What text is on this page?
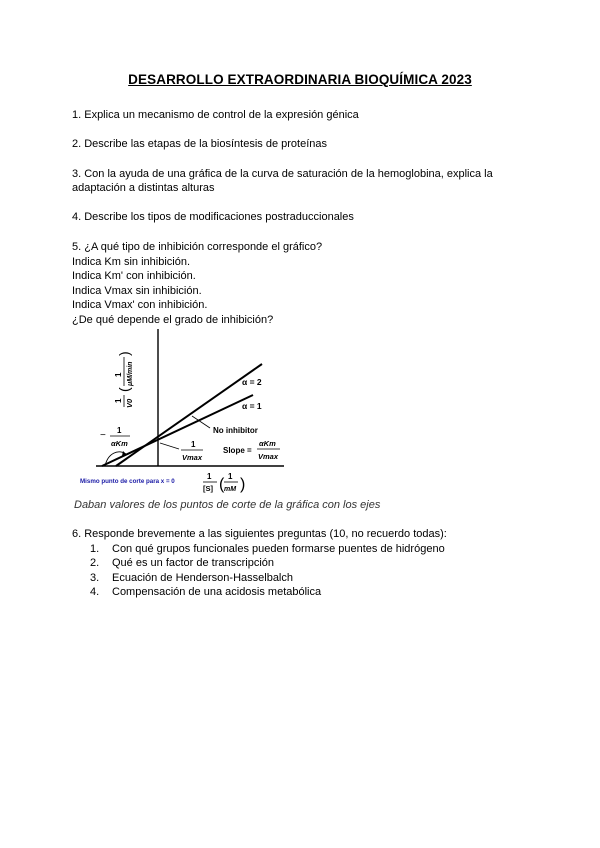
DESARROLLO EXTRAORDINARIA BIOQUÍMICA 2023
1. Explica un mecanismo de control de la expresión génica
2. Describe las etapas de la biosíntesis de proteínas
3. Con la ayuda de una gráfica de la curva de saturación de la hemoglobina, explica la
adaptación a distintas alturas
4. Describe los tipos de modificaciones postraduccionales
5. ¿A qué tipo de inhibición corresponde el gráfico?
Indica Km sin inhibición.
Indica Km' con inhibición.
Indica Vmax sin inhibición.
Indica Vmax' con inhibición.
¿De qué depende el grado de inhibición?
α = 2
α = 1
No inhibitor
Slope =
αKm
Vmax
1
Vmax
− 1
αKm
1 V0
(
1 μM/min
)
1
[S] ( 1
mM )
Mismo punto de corte para x = 0
Daban valores de los puntos de corte de la gráfica con los ejes
6. Responde brevemente a las siguientes preguntas (10, no recuerdo todas):
1. Con qué grupos funcionales pueden formarse puentes de hidrógeno
2. Qué es un factor de transcripción
3. Ecuación de Henderson-Hasselbalch
4. Compensación de una acidosis metabólica
